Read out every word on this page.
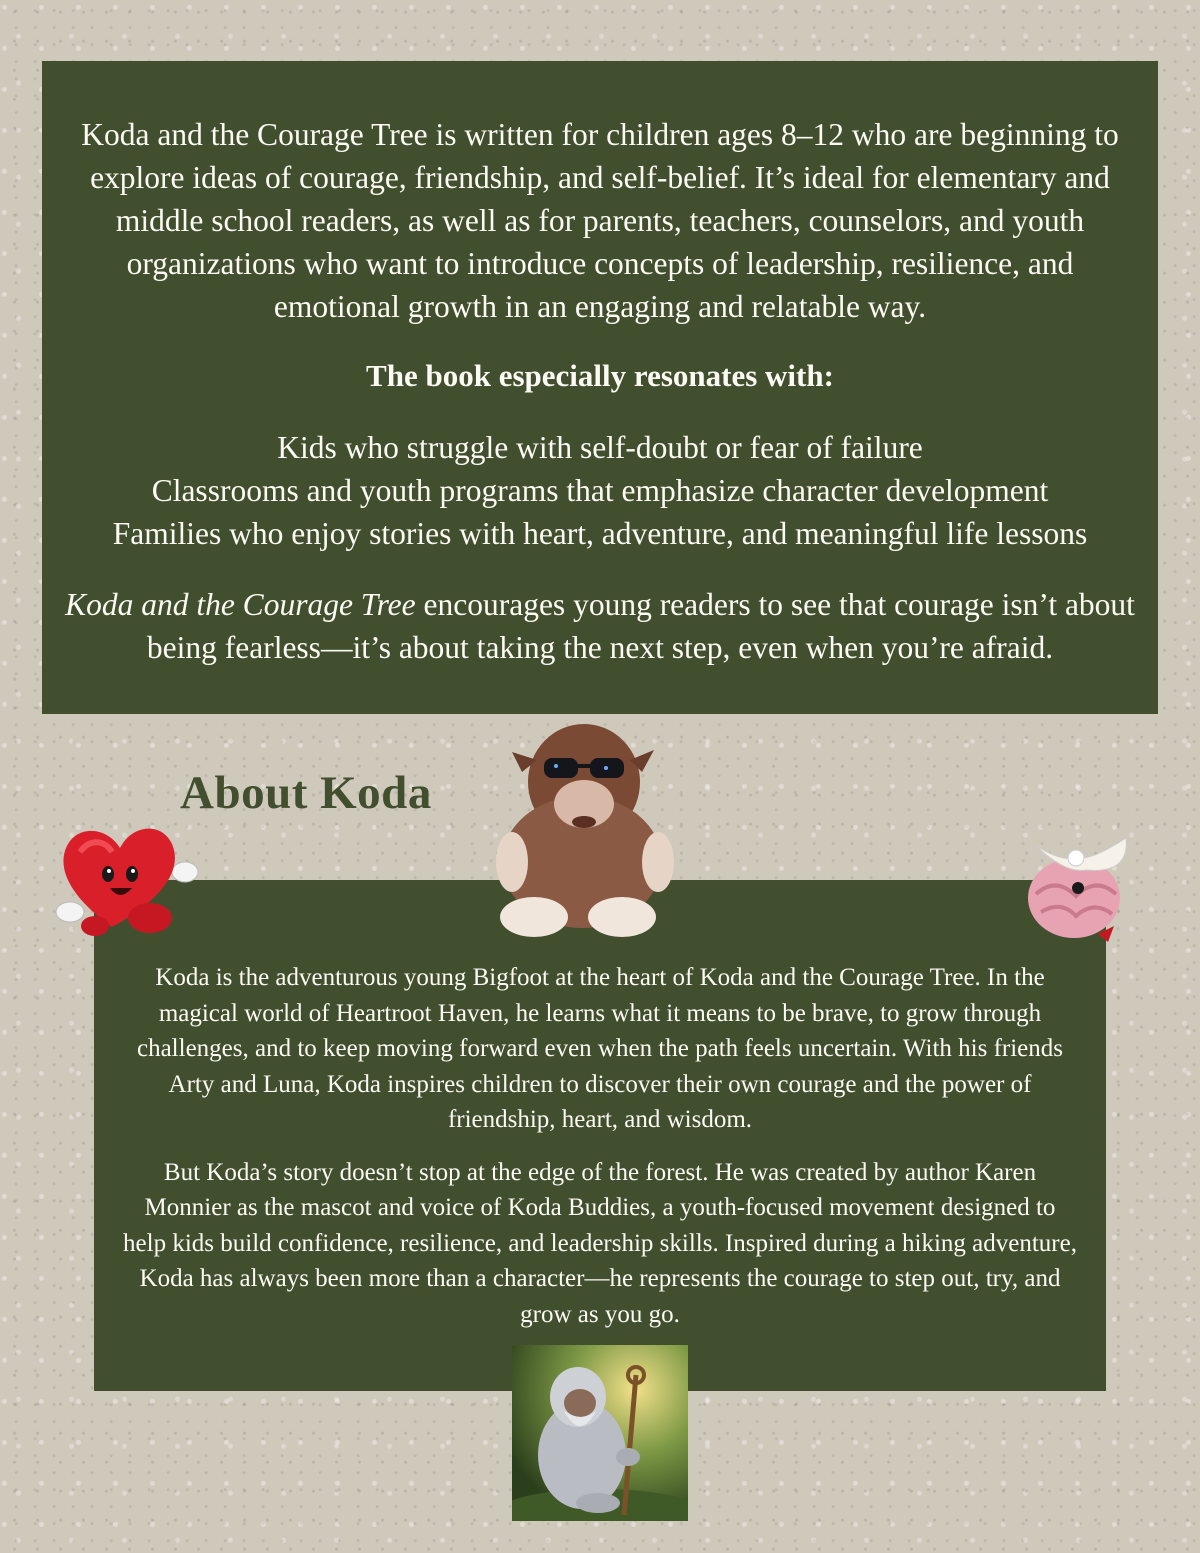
Koda and the Courage Tree is written for children ages 8–12 who are beginning to explore ideas of courage, friendship, and self-belief. It’s ideal for elementary and middle school readers, as well as for parents, teachers, counselors, and youth organizations who want to introduce concepts of leadership, resilience, and emotional growth in an engaging and relatable way.

The book especially resonates with:
Kids who struggle with self-doubt or fear of failure
Classrooms and youth programs that emphasize character development
Families who enjoy stories with heart, adventure, and meaningful life lessons

Koda and the Courage Tree encourages young readers to see that courage isn’t about being fearless—it’s about taking the next step, even when you’re afraid.

About Koda

Koda is the adventurous young Bigfoot at the heart of Koda and the Courage Tree. In the magical world of Heartroot Haven, he learns what it means to be brave, to grow through challenges, and to keep moving forward even when the path feels uncertain. With his friends Arty and Luna, Koda inspires children to discover their own courage and the power of friendship, heart, and wisdom.

But Koda’s story doesn’t stop at the edge of the forest. He was created by author Karen Monnier as the mascot and voice of Koda Buddies, a youth-focused movement designed to help kids build confidence, resilience, and leadership skills. Inspired during a hiking adventure, Koda has always been more than a character—he represents the courage to step out, try, and grow as you go.
